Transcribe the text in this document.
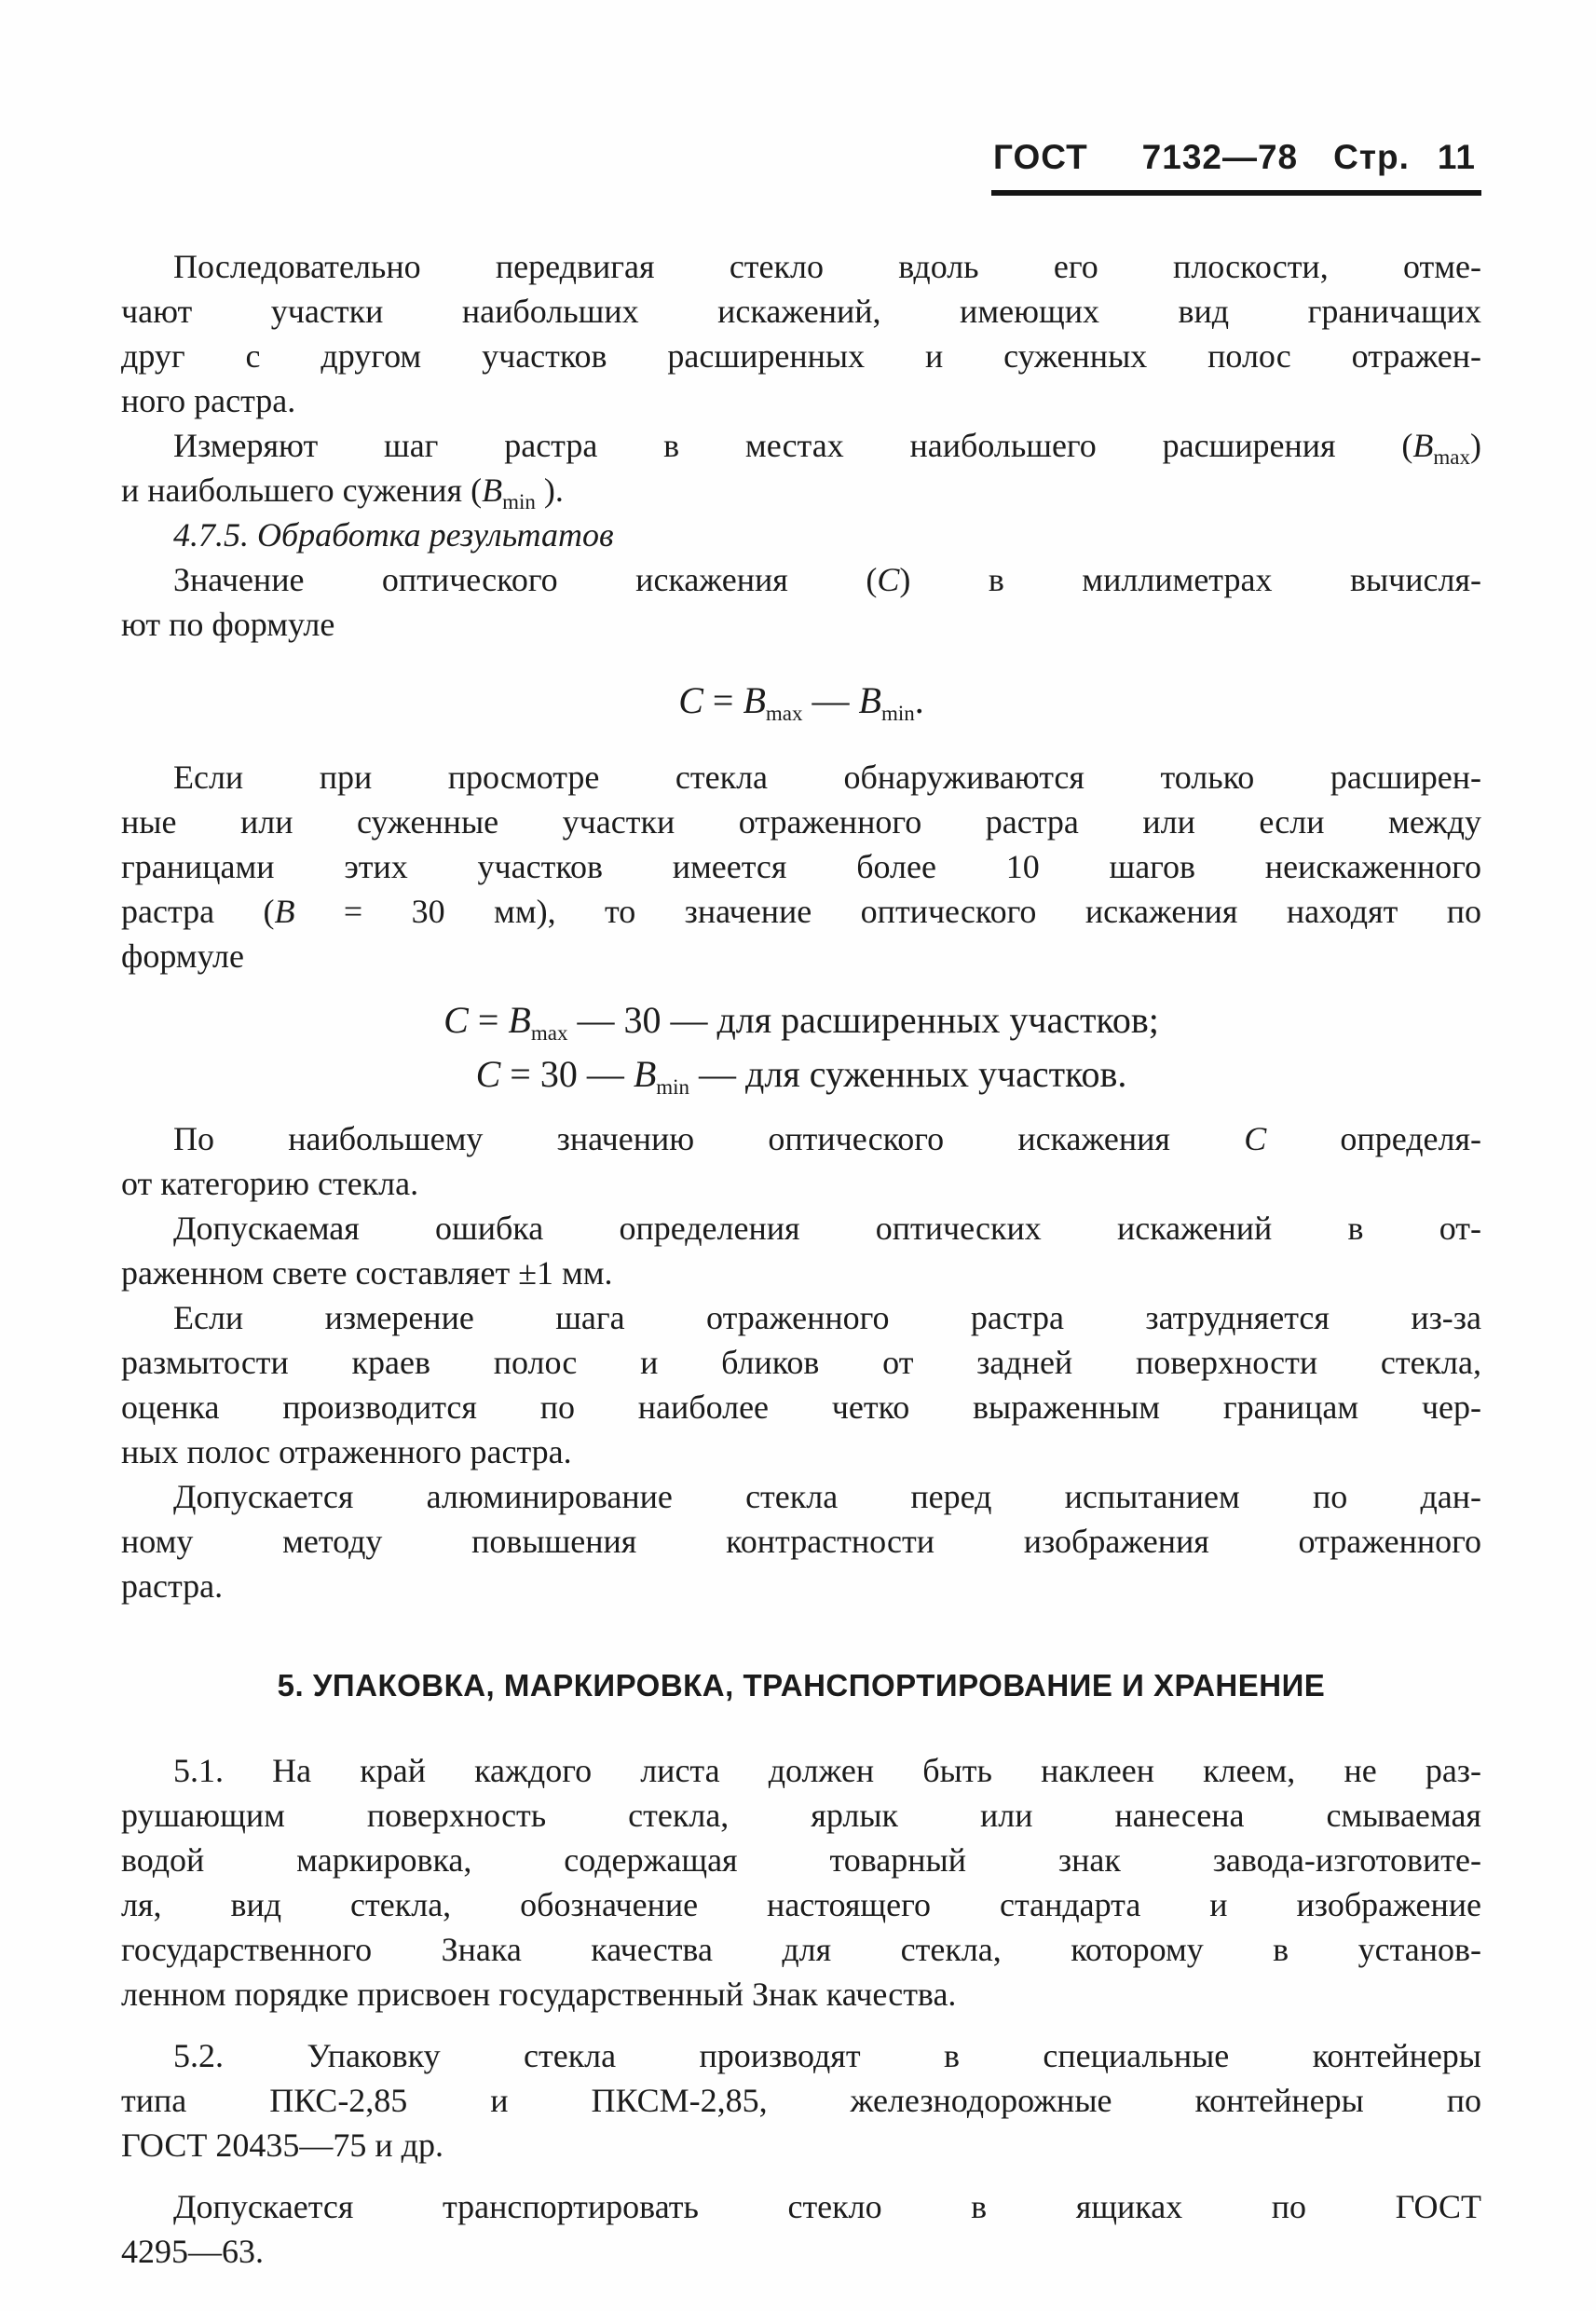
ГОСТ 7132—78 Стр. 11
Последовательно передвигая стекло вдоль его плоскости, отме-
чают участки наибольших искажений, имеющих вид граничащих
друг с другом участков расширенных и суженных полос отражен-
ного растра.
Измеряют шаг растра в местах наибольшего расширения $(B_{max})$
и наибольшего сужения ($B_{min}$ ).
4.7.5. Обработка результатов
Значение оптического искажения (C) в миллиметрах вычисля-
ют по формуле
$C = B_{max}$ — $B_{min}$.
Если при просмотре стекла обнаруживаются только расширен-
ные или суженные участки отраженного растра или если между
границами этих участков имеется более 10 шагов неискаженного
растра (B = 30 мм), то значение оптического искажения находят по
формуле
$C = B_{max}$ — 30 — для расширенных участков;
C = 30 — $B_{min}$ — для суженных участков.
По наибольшему значению оптического искажения C определя-
от категорию стекла.
Допускаемая ошибка определения оптических искажений в от-
раженном свете составляет ±1 мм.
Если измерение шага отраженного растра затрудняется из-за
размытости краев полос и бликов от задней поверхности стекла,
оценка производится по наиболее четко выраженным границам чер-
ных полос отраженного растра.
Допускается алюминирование стекла перед испытанием по дан-
ному методу повышения контрастности изображения отраженного
растра.
5. УПАКОВКА, МАРКИРОВКА, ТРАНСПОРТИРОВАНИЕ И ХРАНЕНИЕ
5.1. На край каждого листа должен быть наклеен клеем, не раз-
рушающим поверхность стекла, ярлык или нанесена смываемая
водой маркировка, содержащая товарный знак завода-изготовите-
ля, вид стекла, обозначение настоящего стандарта и изображение
государственного Знака качества для стекла, которому в установ-
ленном порядке присвоен государственный Знак качества.
5.2. Упаковку стекла производят в специальные контейнеры
типа ПКС-2,85 и ПКСМ-2,85, железнодорожные контейнеры по
ГОСТ 20435—75 и др.
Допускается транспортировать стекло в ящиках по ГОСТ
4295—63.
